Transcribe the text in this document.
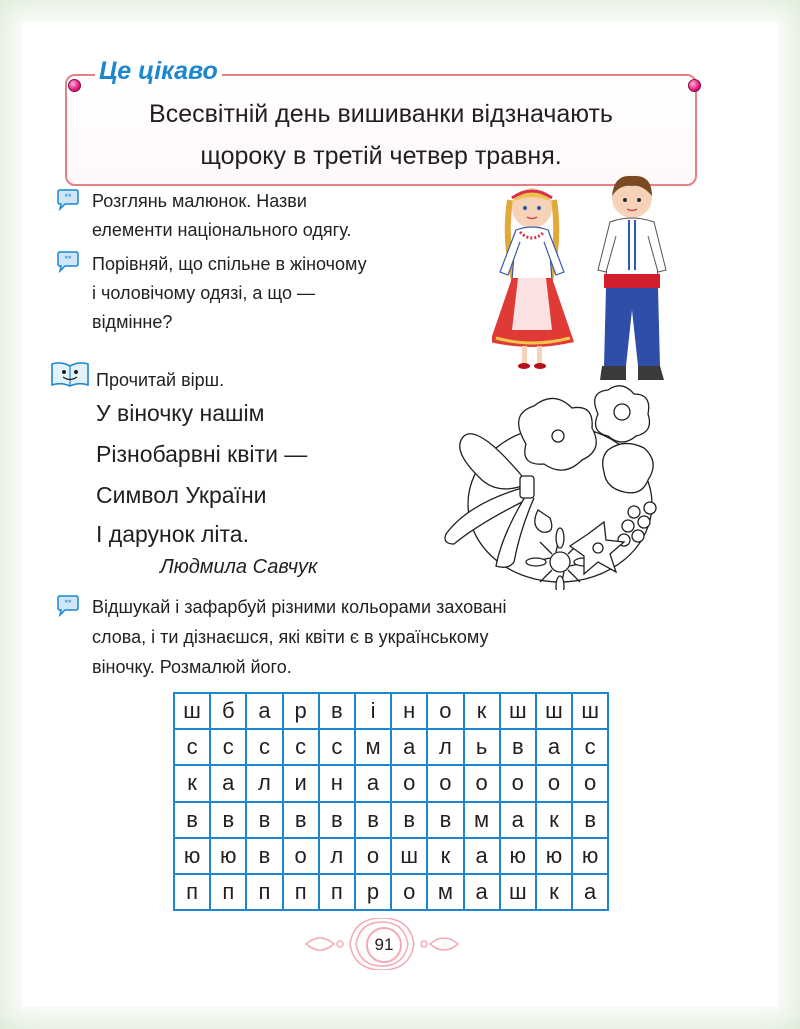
Це цікаво
Всесвітній день вишиванки відзначають
щороку в третій четвер травня.
** Розглянь малюнок. Назви
елементи національного одягу.
** Порівняй, що спільне в жіночому
і чоловічому одязі, а що —
відмінне?
Прочитай вірш.
У віночку нашім
Різнобарвні квіти —
Символ України
І дарунок літа.
Людмила Савчук
** Відшукай і зафарбуй різними кольорами заховані
слова, і ти дізнаєшся, які квіти є в українському
віночку. Розмалюй його.
ш	б	а	р	в	і	н	о	к	ш	ш	ш
с	с	с	с	с	м	а	л	ь	в	а	с
к	а	л	и	н	а	о	о	о	о	о	о
в	в	в	в	в	в	в	в	м	а	к	в
ю	ю	в	о	л	о	ш	к	а	ю	ю	ю
п	п	п	п	п	р	о	м	а	ш	к	а
91
